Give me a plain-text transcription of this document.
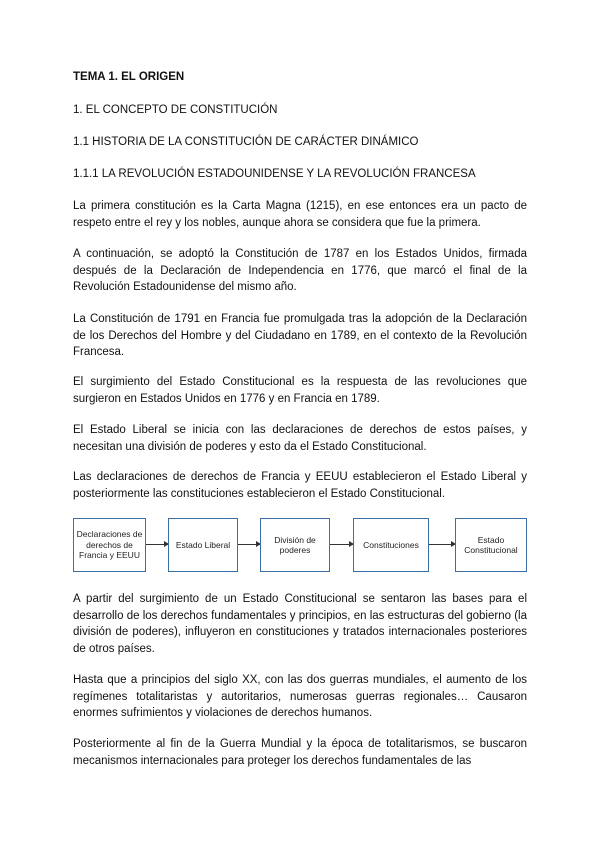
TEMA 1. EL ORIGEN

1. EL CONCEPTO DE CONSTITUCIÓN

1.1 HISTORIA DE LA CONSTITUCIÓN DE CARÁCTER DINÁMICO

1.1.1 LA REVOLUCIÓN ESTADOUNIDENSE Y LA REVOLUCIÓN FRANCESA

La primera constitución es la Carta Magna (1215), en ese entonces era un pacto de respeto entre el rey y los nobles, aunque ahora se considera que fue la primera.

A continuación, se adoptó la Constitución de 1787 en los Estados Unidos, firmada después de la Declaración de Independencia en 1776, que marcó el final de la Revolución Estadounidense del mismo año.

La Constitución de 1791 en Francia fue promulgada tras la adopción de la Declaración de los Derechos del Hombre y del Ciudadano en 1789, en el contexto de la Revolución Francesa.

El surgimiento del Estado Constitucional es la respuesta de las revoluciones que surgieron en Estados Unidos en 1776 y en Francia en 1789.

El Estado Liberal se inicia con las declaraciones de derechos de estos países, y necesitan una división de poderes y esto da el Estado Constitucional.

Las declaraciones de derechos de Francia y EEUU establecieron el Estado Liberal y posteriormente las constituciones establecieron el Estado Constitucional.

Declaraciones de derechos de Francia y EEUU
Estado Liberal
División de poderes
Constituciones
Estado Constitucional

A partir del surgimiento de un Estado Constitucional se sentaron las bases para el desarrollo de los derechos fundamentales y principios, en las estructuras del gobierno (la división de poderes), influyeron en constituciones y tratados internacionales posteriores de otros países.

Hasta que a principios del siglo XX, con las dos guerras mundiales, el aumento de los regímenes totalitaristas y autoritarios, numerosas guerras regionales… Causaron enormes sufrimientos y violaciones de derechos humanos.

Posteriormente al fin de la Guerra Mundial y la época de totalitarismos, se buscaron mecanismos internacionales para proteger los derechos fundamentales de las
